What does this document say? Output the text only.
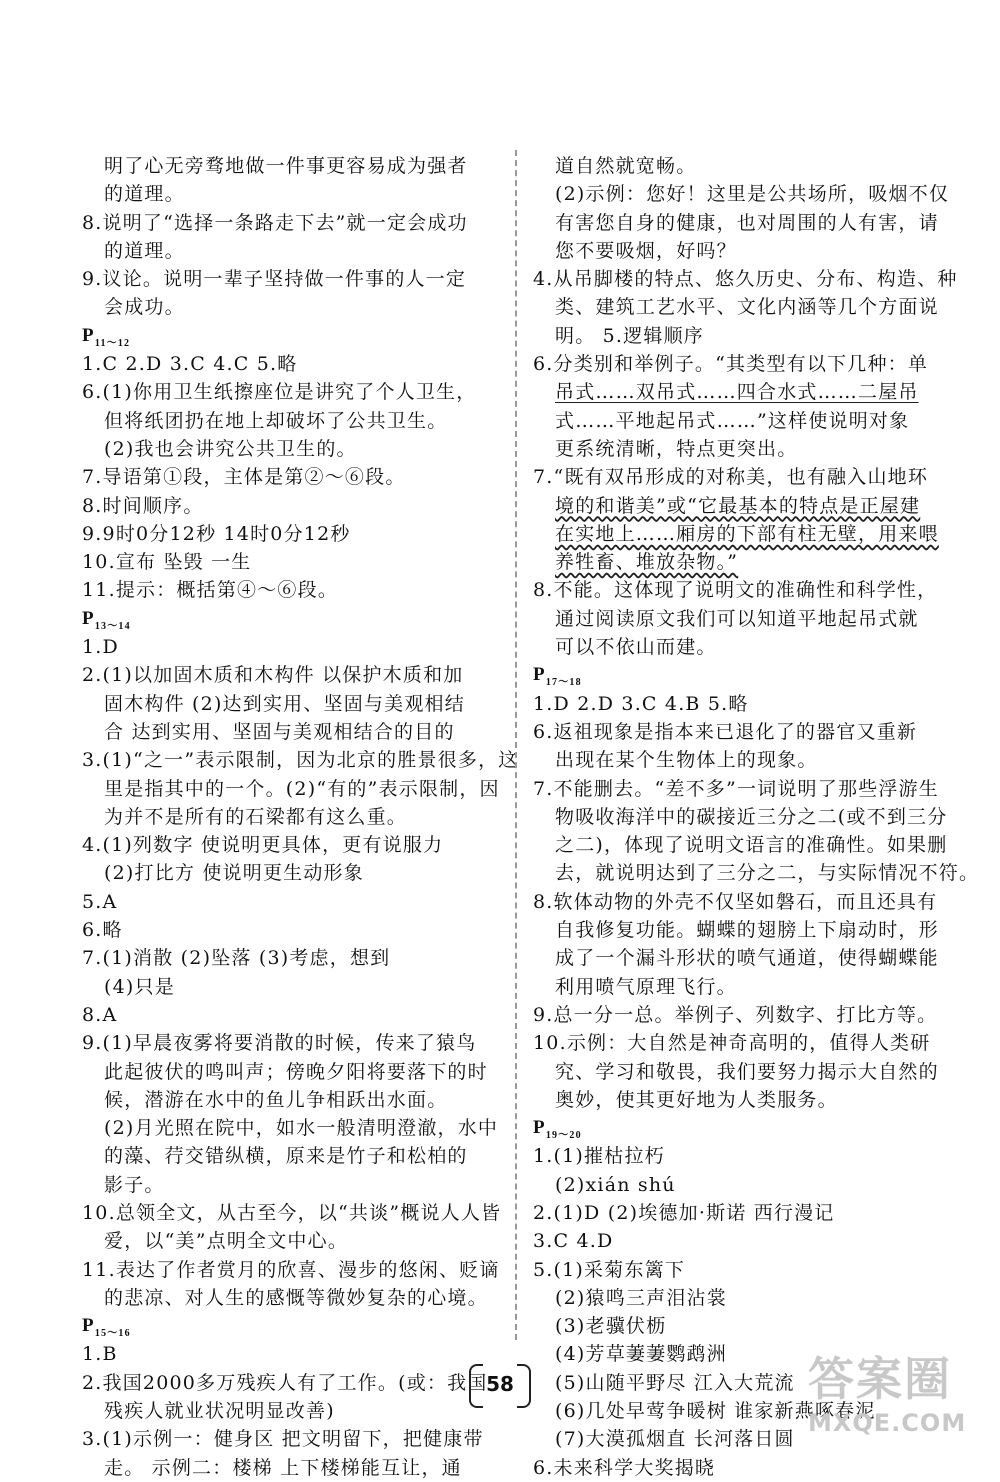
明了心无旁骛地做一件事更容易成为强者
的道理。
8.说明了“选择一条路走下去”就一定会成功
的道理。
9.议论。说明一辈子坚持做一件事的人一定
会成功。
$P_{11\sim 12}$
1.C 2.D 3.C 4.C 5.略
6.(1)你用卫生纸擦座位是讲究了个人卫生，
但将纸团扔在地上却破坏了公共卫生。
(2)我也会讲究公共卫生的。
7.导语第①段，主体是第②～⑥段。
8.时间顺序。
9.9时0分12秒 14时0分12秒
10.宣布 坠毁 一生
11.提示：概括第④～⑥段。
$P_{13\sim 14}$
1.D
2.(1)以加固木质和木构件 以保护木质和加
固木构件 (2)达到实用、坚固与美观相结
合 达到实用、坚固与美观相结合的目的
3.(1)“之一”表示限制，因为北京的胜景很多，这
里是指其中的一个。(2)“有的”表示限制，因
为并不是所有的石梁都有这么重。
4.(1)列数字 使说明更具体，更有说服力
(2)打比方 使说明更生动形象
5.A
6.略
7.(1)消散 (2)坠落 (3)考虑，想到
(4)只是
8.A
9.(1)早晨夜雾将要消散的时候，传来了猿鸟
此起彼伏的鸣叫声；傍晚夕阳将要落下的时
候，潜游在水中的鱼儿争相跃出水面。
(2)月光照在院中，如水一般清明澄澈，水中
的藻、荇交错纵横，原来是竹子和松柏的
影子。
10.总领全文，从古至今，以“共谈”概说人人皆
爱，以“美”点明全文中心。
11.表达了作者赏月的欣喜、漫步的悠闲、贬谪
的悲凉、对人生的感慨等微妙复杂的心境。
$P_{15\sim 16}$
1.B
2.我国2000多万残疾人有了工作。(或：我国
残疾人就业状况明显改善)
3.(1)示例一：健身区 把文明留下，把健康带
走。 示例二：楼梯 上下楼梯能互让，通
道自然就宽畅。
(2)示例：您好！这里是公共场所，吸烟不仅
有害您自身的健康，也对周围的人有害，请
您不要吸烟，好吗？
4.从吊脚楼的特点、悠久历史、分布、构造、种
类、建筑工艺水平、文化内涵等几个方面说
明。 5.逻辑顺序
6.分类别和举例子。“其类型有以下几种：单
吊式……双吊式……四合水式……二屋吊
式……平地起吊式……”这样使说明对象
更系统清晰，特点更突出。
7.“既有双吊形成的对称美，也有融入山地环
境的和谐美”或“它最基本的特点是正屋建
在实地上……厢房的下部有柱无壁，用来喂
养牲畜、堆放杂物。”
8.不能。这体现了说明文的准确性和科学性，
通过阅读原文我们可以知道平地起吊式就
可以不依山而建。
$P_{17\sim 18}$
1.D 2.D 3.C 4.B 5.略
6.返祖现象是指本来已退化了的器官又重新
出现在某个生物体上的现象。
7.不能删去。“差不多”一词说明了那些浮游生
物吸收海洋中的碳接近三分之二(或不到三分
之二)，体现了说明文语言的准确性。如果删
去，就说明达到了三分之二，与实际情况不符。
8.软体动物的外壳不仅坚如磐石，而且还具有
自我修复功能。蝴蝶的翅膀上下扇动时，形
成了一个漏斗形状的喷气通道，使得蝴蝶能
利用喷气原理飞行。
9.总一分一总。举例子、列数字、打比方等。
10.示例：大自然是神奇高明的，值得人类研
究、学习和敬畏，我们要努力揭示大自然的
奥妙，使其更好地为人类服务。
$P_{19\sim 20}$
1.(1)摧枯拉朽
(2)xián shú
2.(1)D (2)埃德加·斯诺 西行漫记
3.C 4.D
5.(1)采菊东篱下
(2)猿鸣三声泪沾裳
(3)老骥伏枥
(4)芳草萋萋鹦鹉洲
(5)山随平野尽 江入大荒流
(6)几处早莺争暖树 谁家新燕啄春泥
(7)大漠孤烟直 长河落日圆
6.未来科学大奖揭晓
58	答案圈
MXQE.COM
